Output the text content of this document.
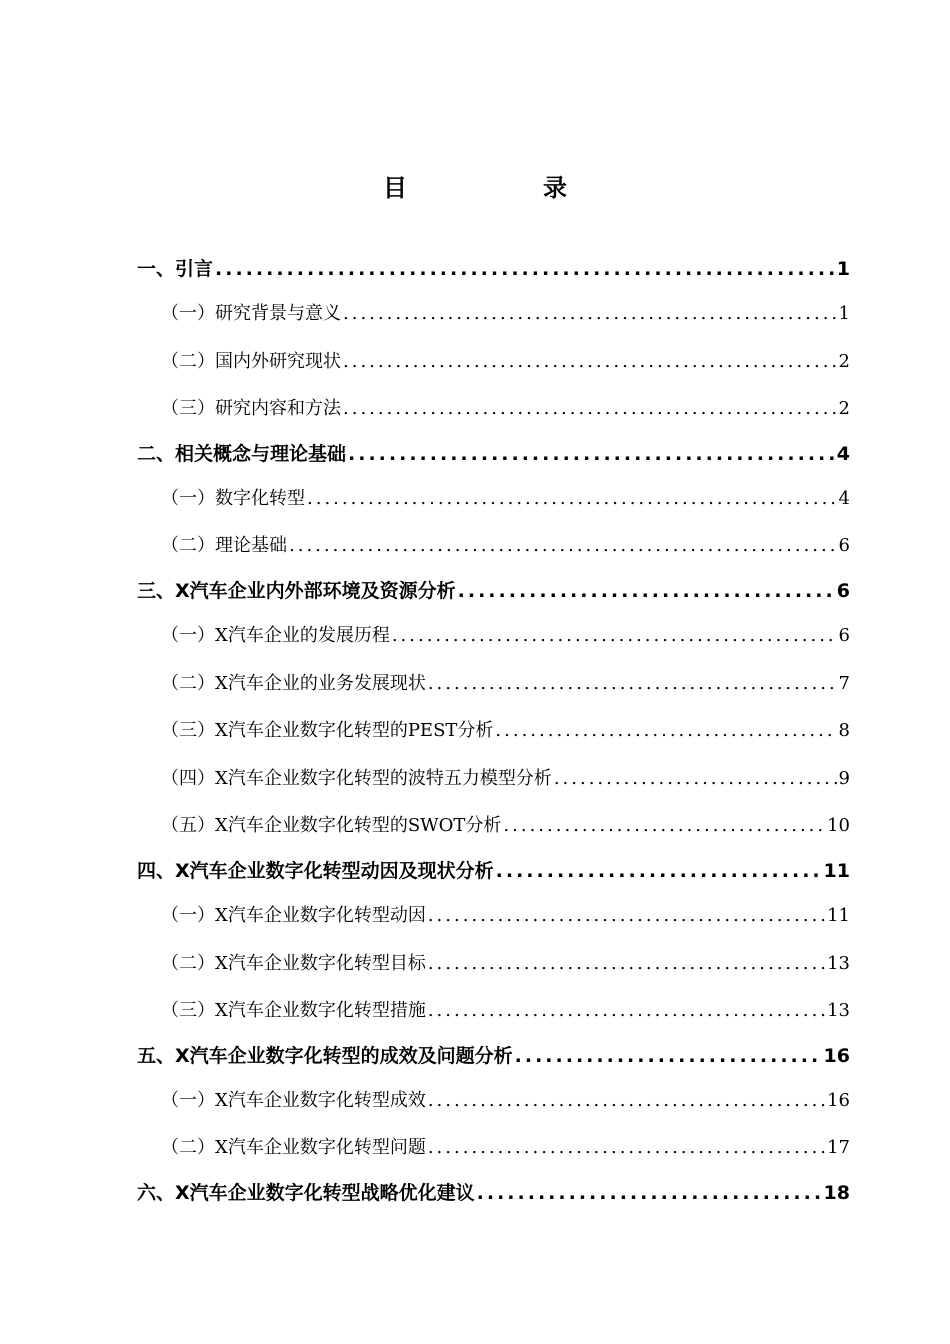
目　录
一、引言 .....	1
（一）研究背景与意义 .....	1
（二）国内外研究现状 .....	2
（三）研究内容和方法 .....	2
二、相关概念与理论基础 .....	4
（一）数字化转型 .....	4
（二）理论基础 .....	6
三、X汽车企业内外部环境及资源分析 .....	6
（一）X汽车企业的发展历程 .....	6
（二）X汽车企业的业务发展现状 .....	7
（三）X汽车企业数字化转型的PEST分析 .....	8
（四）X汽车企业数字化转型的波特五力模型分析 .....	9
（五）X汽车企业数字化转型的SWOT分析 .....	10
四、X汽车企业数字化转型动因及现状分析 .....	11
（一）X汽车企业数字化转型动因 .....	11
（二）X汽车企业数字化转型目标 .....	13
（三）X汽车企业数字化转型措施 .....	13
五、X汽车企业数字化转型的成效及问题分析 .....	16
（一）X汽车企业数字化转型成效 .....	16
（二）X汽车企业数字化转型问题 .....	17
六、X汽车企业数字化转型战略优化建议 .....	18
